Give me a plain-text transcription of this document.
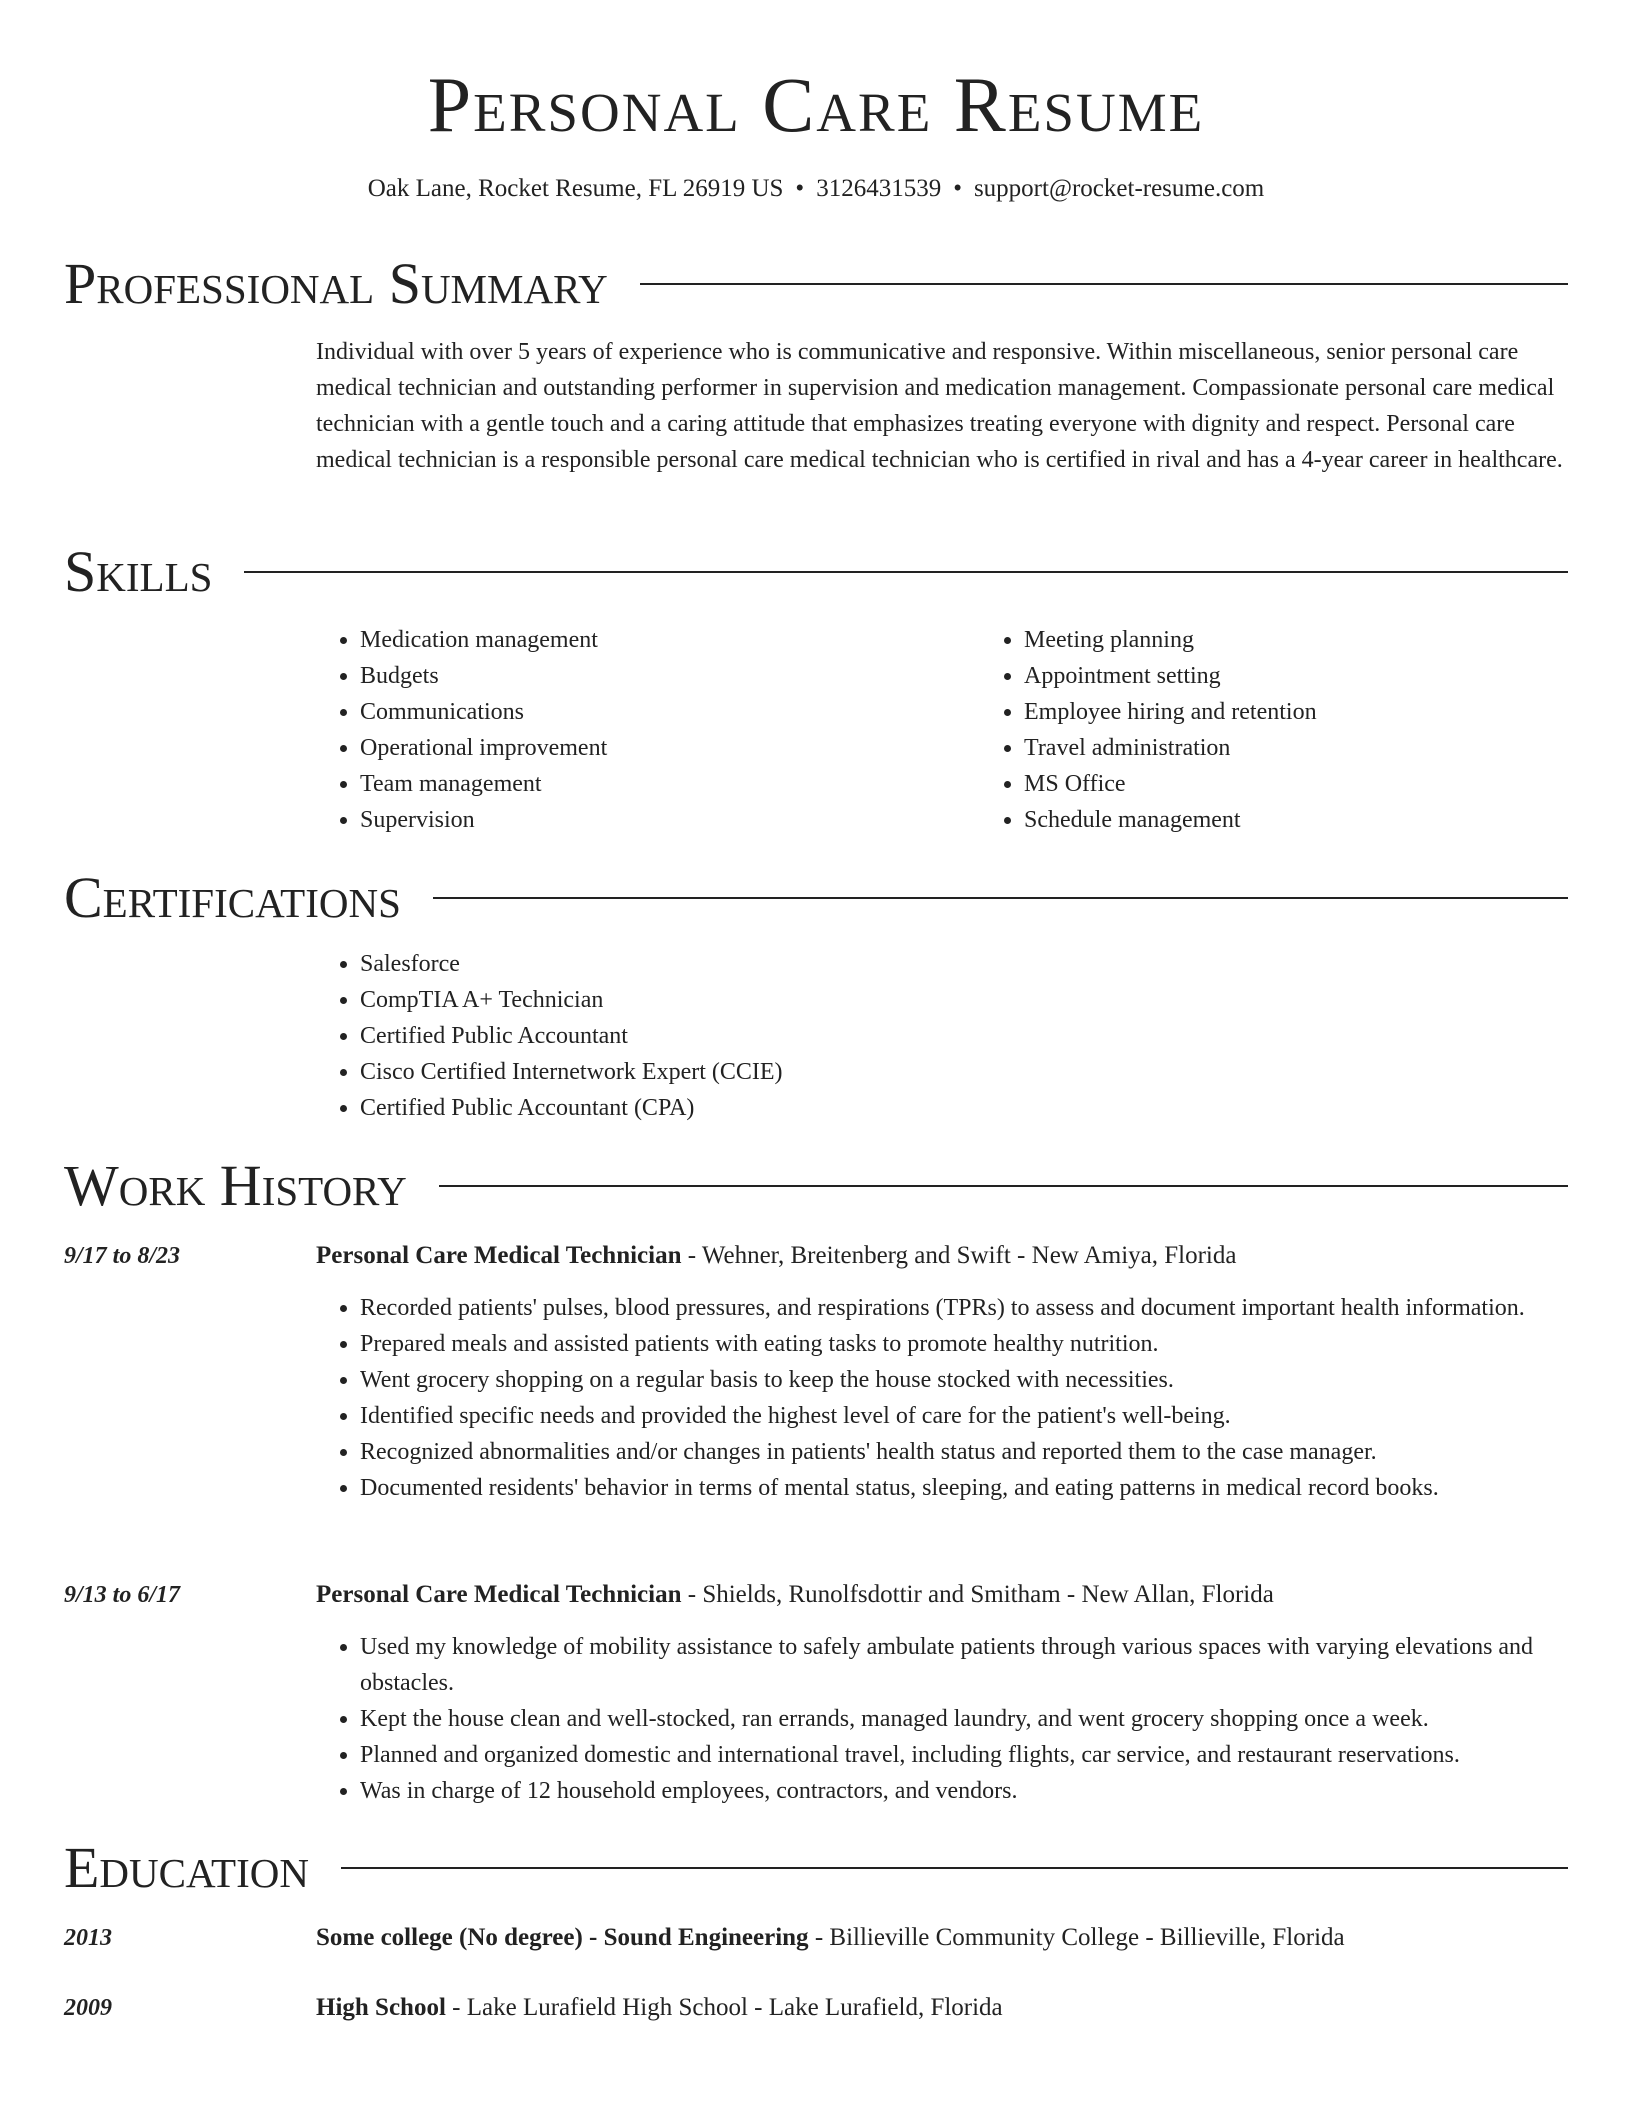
Personal Care Resume
Oak Lane, Rocket Resume, FL 26919 US • 3126431539 • support@rocket-resume.com
Professional Summary

Individual with over 5 years of experience who is communicative and responsive. Within miscellaneous, senior personal care medical technician and outstanding performer in supervision and medication management. Compassionate personal care medical technician with a gentle touch and a caring attitude that emphasizes treating everyone with dignity and respect. Personal care medical technician is a responsible personal care medical technician who is certified in rival and has a 4-year career in healthcare.

Skills
• Medication management
• Budgets
• Communications
• Operational improvement
• Team management
• Supervision
• Meeting planning
• Appointment setting
• Employee hiring and retention
• Travel administration
• MS Office
• Schedule management
Certifications
• Salesforce
• CompTIA A+ Technician
• Certified Public Accountant
• Cisco Certified Internetwork Expert (CCIE)
• Certified Public Accountant (CPA)
Work History
9/17 to 8/23	Personal Care Medical Technician - Wehner, Breitenberg and Swift - New Amiya, Florida
• Recorded patients' pulses, blood pressures, and respirations (TPRs) to assess and document important health information.
• Prepared meals and assisted patients with eating tasks to promote healthy nutrition.
• Went grocery shopping on a regular basis to keep the house stocked with necessities.
• Identified specific needs and provided the highest level of care for the patient's well-being.
• Recognized abnormalities and/or changes in patients' health status and reported them to the case manager.
• Documented residents' behavior in terms of mental status, sleeping, and eating patterns in medical record books.
9/13 to 6/17	Personal Care Medical Technician - Shields, Runolfsdottir and Smitham - New Allan, Florida
• Used my knowledge of mobility assistance to safely ambulate patients through various spaces with varying elevations and obstacles.
• Kept the house clean and well-stocked, ran errands, managed laundry, and went grocery shopping once a week.
• Planned and organized domestic and international travel, including flights, car service, and restaurant reservations.
• Was in charge of 12 household employees, contractors, and vendors.
Education
2013	Some college (No degree) - Sound Engineering - Billieville Community College - Billieville, Florida
2009	High School - Lake Lurafield High School - Lake Lurafield, Florida
